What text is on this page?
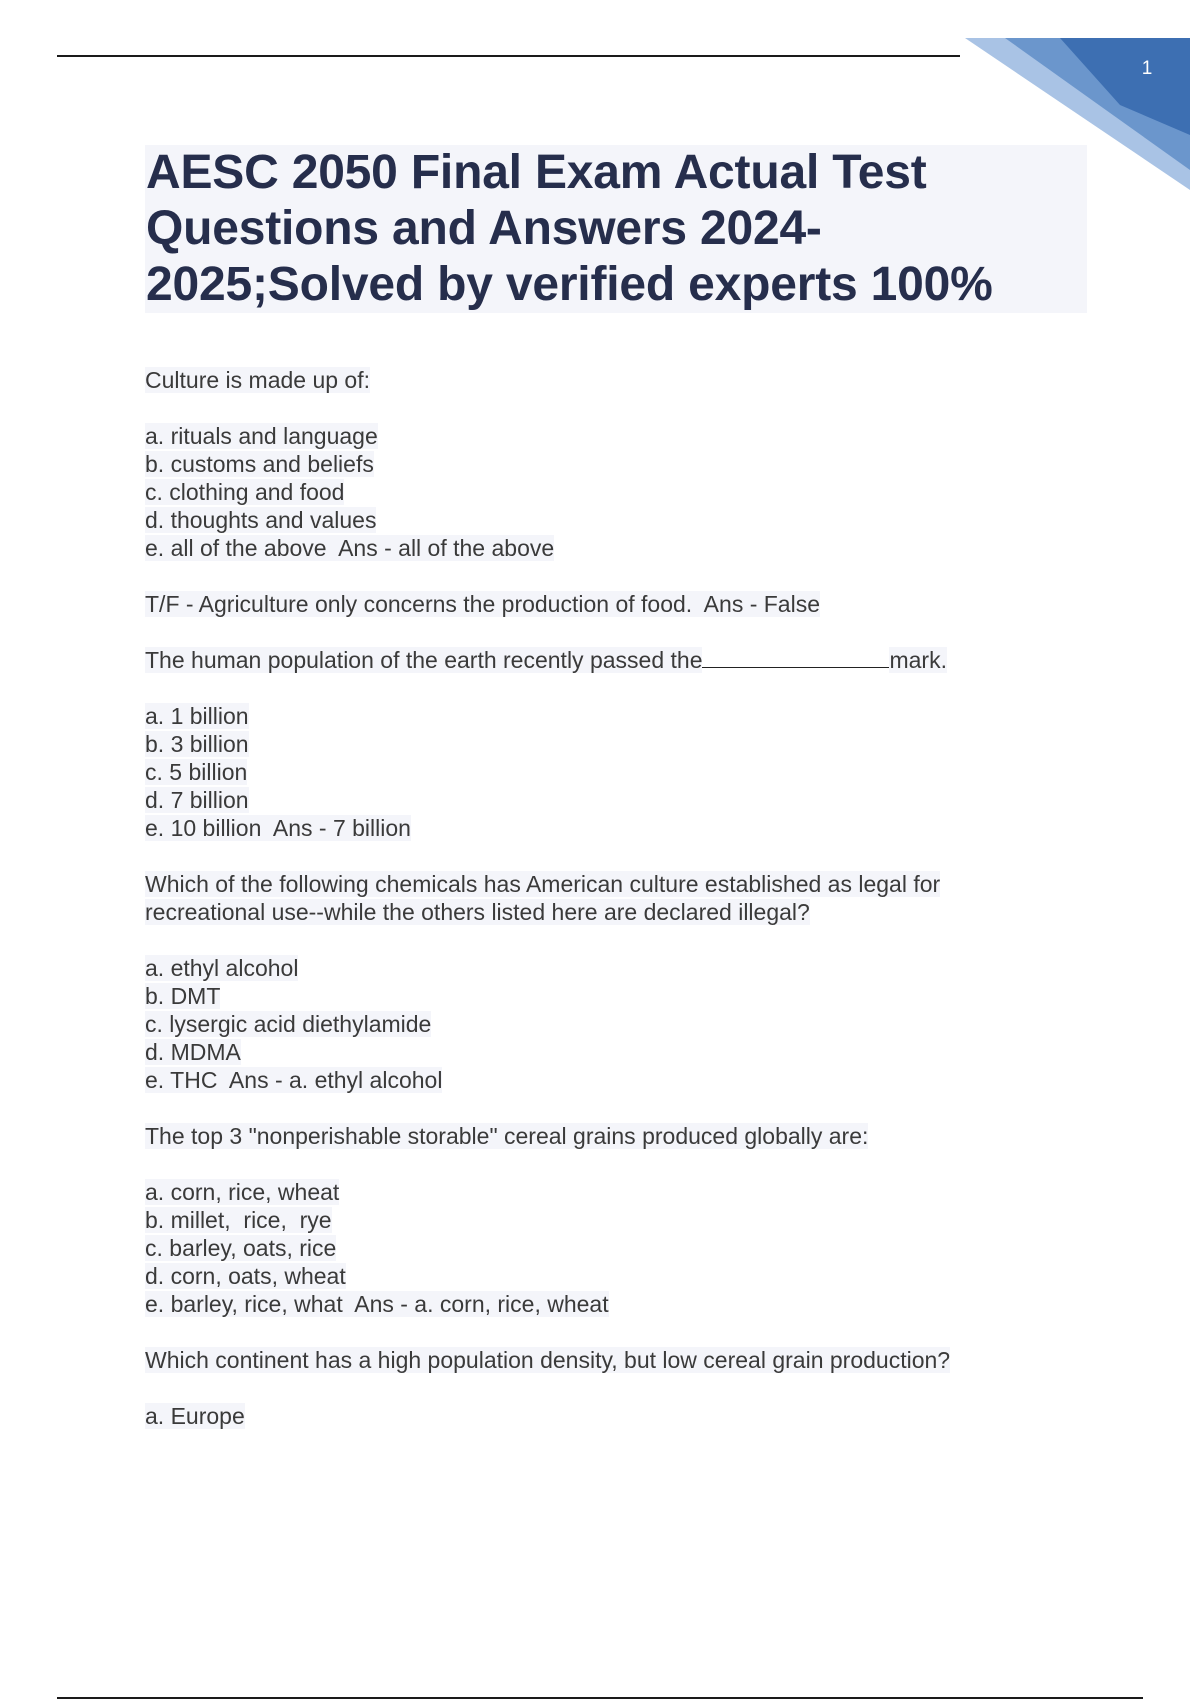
1
AESC 2050 Final Exam Actual Test
Questions and Answers 2024-
2025;Solved by verified experts 100%
Culture is made up of:
a. rituals and language
b. customs and beliefs
c. clothing and food
d. thoughts and values
e. all of the above  Ans - all of the above
T/F - Agriculture only concerns the production of food.  Ans - False
The human population of the earth recently passed the	mark.
a. 1 billion
b. 3 billion
c. 5 billion
d. 7 billion
e. 10 billion  Ans - 7 billion
Which of the following chemicals has American culture established as legal for
recreational use--while the others listed here are declared illegal?
a. ethyl alcohol
b. DMT
c. lysergic acid diethylamide
d. MDMA
e. THC  Ans - a. ethyl alcohol
The top 3 "nonperishable storable" cereal grains produced globally are:
a. corn, rice, wheat
b. millet,  rice,  rye
c. barley, oats, rice
d. corn, oats, wheat
e. barley, rice, what  Ans - a. corn, rice, wheat
Which continent has a high population density, but low cereal grain production?
a. Europe
